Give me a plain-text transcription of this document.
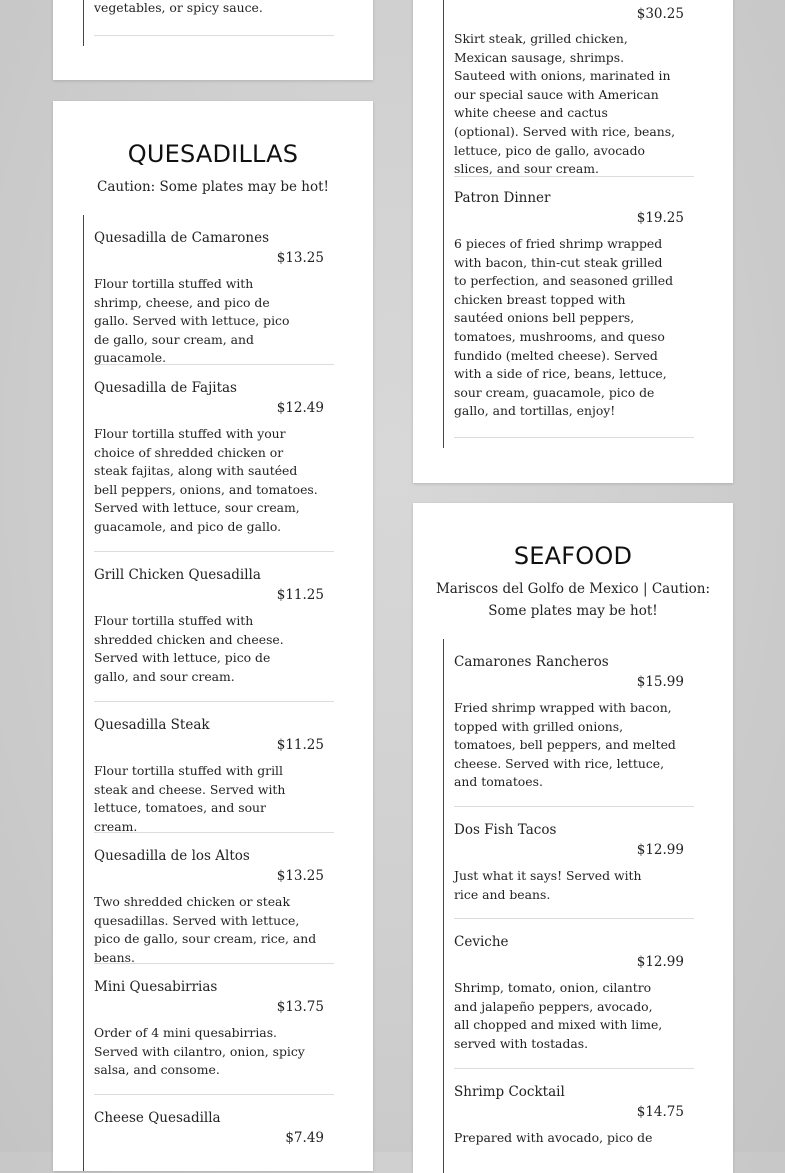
vegetables, or spicy sauce.	$30.25
Skirt steak, grilled chicken, Mexican sausage, shrimps. Sauteed with onions, marinated in our special sauce with American white cheese and cactus (optional). Served with rice, beans, lettuce, pico de gallo, avocado slices, and sour cream.
Patron Dinner
$19.25
6 pieces of fried shrimp wrapped with bacon, thin-cut steak grilled to perfection, and seasoned grilled chicken breast topped with sautéed onions bell peppers, tomatoes, mushrooms, and queso fundido (melted cheese). Served with a side of rice, beans, lettuce, sour cream, guacamole, pico de gallo, and tortillas, enjoy!
QUESADILLAS
Caution: Some plates may be hot!
Quesadilla de Camarones
$13.25
Flour tortilla stuffed with shrimp, cheese, and pico de gallo. Served with lettuce, pico de gallo, sour cream, and guacamole.
Quesadilla de Fajitas
$12.49
Flour tortilla stuffed with your choice of shredded chicken or steak fajitas, along with sautéed bell peppers, onions, and tomatoes. Served with lettuce, sour cream, guacamole, and pico de gallo.
Grill Chicken Quesadilla
$11.25
Flour tortilla stuffed with shredded chicken and cheese. Served with lettuce, pico de gallo, and sour cream.
Quesadilla Steak
$11.25
Flour tortilla stuffed with grill steak and cheese. Served with lettuce, tomatoes, and sour cream.
Quesadilla de los Altos
$13.25
Two shredded chicken or steak quesadillas. Served with lettuce, pico de gallo, sour cream, rice, and beans.
Mini Quesabirrias
$13.75
Order of 4 mini quesabirrias. Served with cilantro, onion, spicy salsa, and consome.
Cheese Quesadilla
$7.49
SEAFOOD
Mariscos del Golfo de Mexico | Caution: Some plates may be hot!
Camarones Rancheros
$15.99
Fried shrimp wrapped with bacon, topped with grilled onions, tomatoes, bell peppers, and melted cheese. Served with rice, lettuce, and tomatoes.
Dos Fish Tacos
$12.99
Just what it says! Served with rice and beans.
Ceviche
$12.99
Shrimp, tomato, onion, cilantro and jalapeño peppers, avocado, all chopped and mixed with lime, served with tostadas.
Shrimp Cocktail
$14.75
Prepared with avocado, pico de
